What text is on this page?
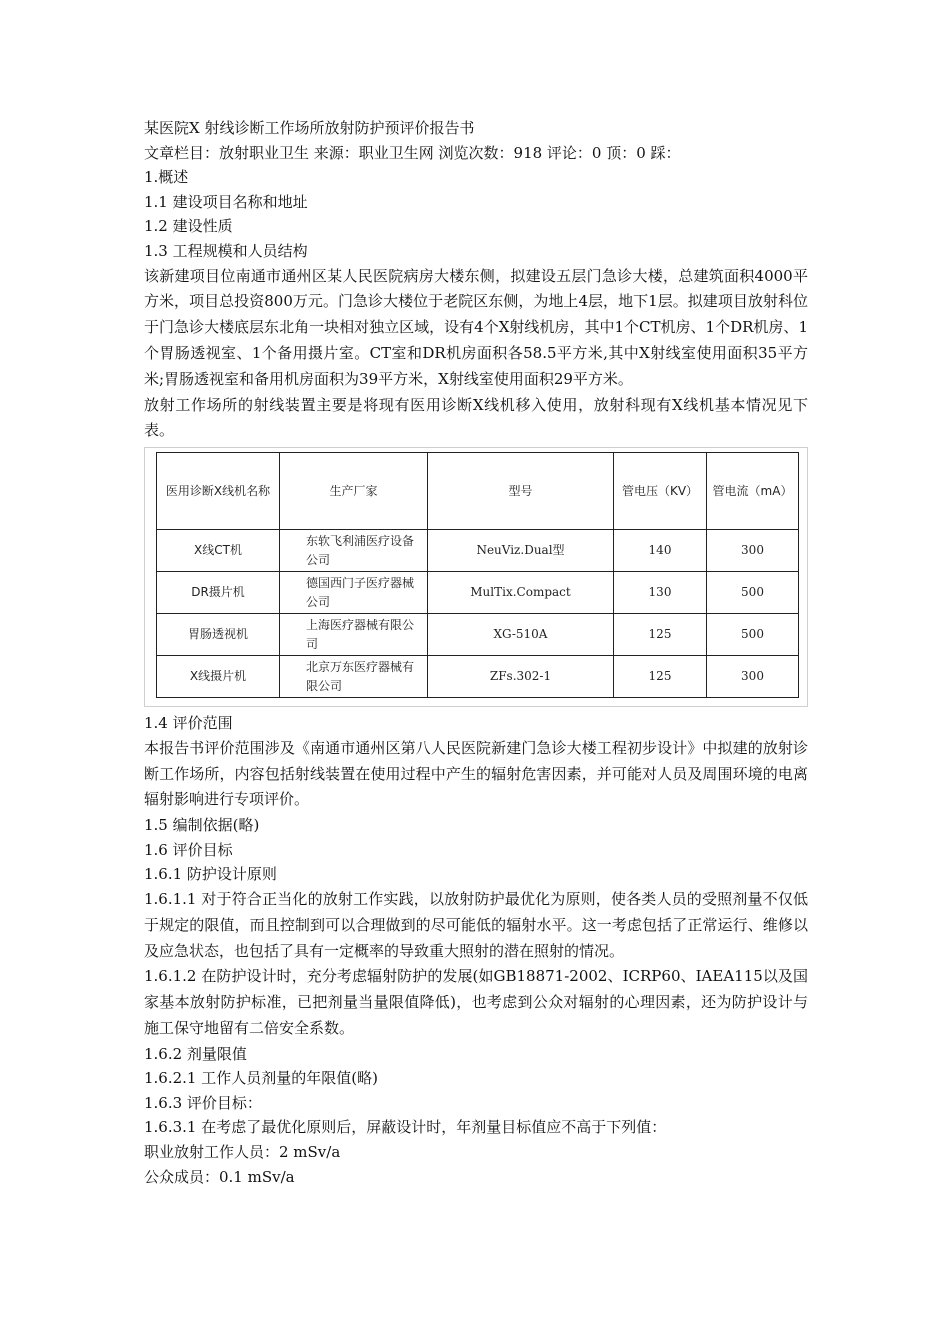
某医院X 射线诊断工作场所放射防护预评价报告书
文章栏目：放射职业卫生 来源：职业卫生网 浏览次数：918 评论：0 顶：0 踩：
1.概述
1.1 建设项目名称和地址
1.2 建设性质
1.3 工程规模和人员结构
该新建项目位南通市通州区某人民医院病房大楼东侧，拟建设五层门急诊大楼，总建筑面积4000平方米，项目总投资800万元。门急诊大楼位于老院区东侧，为地上4层，地下1层。拟建项目放射科位于门急诊大楼底层东北角一块相对独立区域，设有4个X射线机房，其中1个CT机房、1个DR机房、1个胃肠透视室、1个备用摄片室。CT室和DR机房面积各58.5平方米,其中X射线室使用面积35平方米;胃肠透视室和备用机房面积为39平方米，X射线室使用面积29平方米。
放射工作场所的射线装置主要是将现有医用诊断X线机移入使用，放射科现有X线机基本情况见下表。
医用诊断X线机名称	生产厂家	型号	管电压（KV）	管电流（mA）
X线CT机	东软飞利浦医疗设备公司	NeuViz.Dual型	140	300
DR摄片机	德国西门子医疗器械公司	MulTix.Compact	130	500
胃肠透视机	上海医疗器械有限公司	XG-510A	125	500
X线摄片机	北京万东医疗器械有限公司	ZFs.302-1	125	300
1.4 评价范围
本报告书评价范围涉及《南通市通州区第八人民医院新建门急诊大楼工程初步设计》中拟建的放射诊断工作场所，内容包括射线装置在使用过程中产生的辐射危害因素，并可能对人员及周围环境的电离辐射影响进行专项评价。
1.5 编制依据(略)
1.6 评价目标
1.6.1 防护设计原则
1.6.1.1 对于符合正当化的放射工作实践，以放射防护最优化为原则，使各类人员的受照剂量不仅低于规定的限值，而且控制到可以合理做到的尽可能低的辐射水平。这一考虑包括了正常运行、维修以及应急状态，也包括了具有一定概率的导致重大照射的潜在照射的情况。
1.6.1.2 在防护设计时，充分考虑辐射防护的发展(如GB18871-2002、ICRP60、IAEA115以及国家基本放射防护标准，已把剂量当量限值降低)，也考虑到公众对辐射的心理因素，还为防护设计与施工保守地留有二倍安全系数。
1.6.2 剂量限值
1.6.2.1 工作人员剂量的年限值(略)
1.6.3 评价目标：
1.6.3.1 在考虑了最优化原则后，屏蔽设计时，年剂量目标值应不高于下列值：
职业放射工作人员：2 mSv/a
公众成员：0.1 mSv/a
